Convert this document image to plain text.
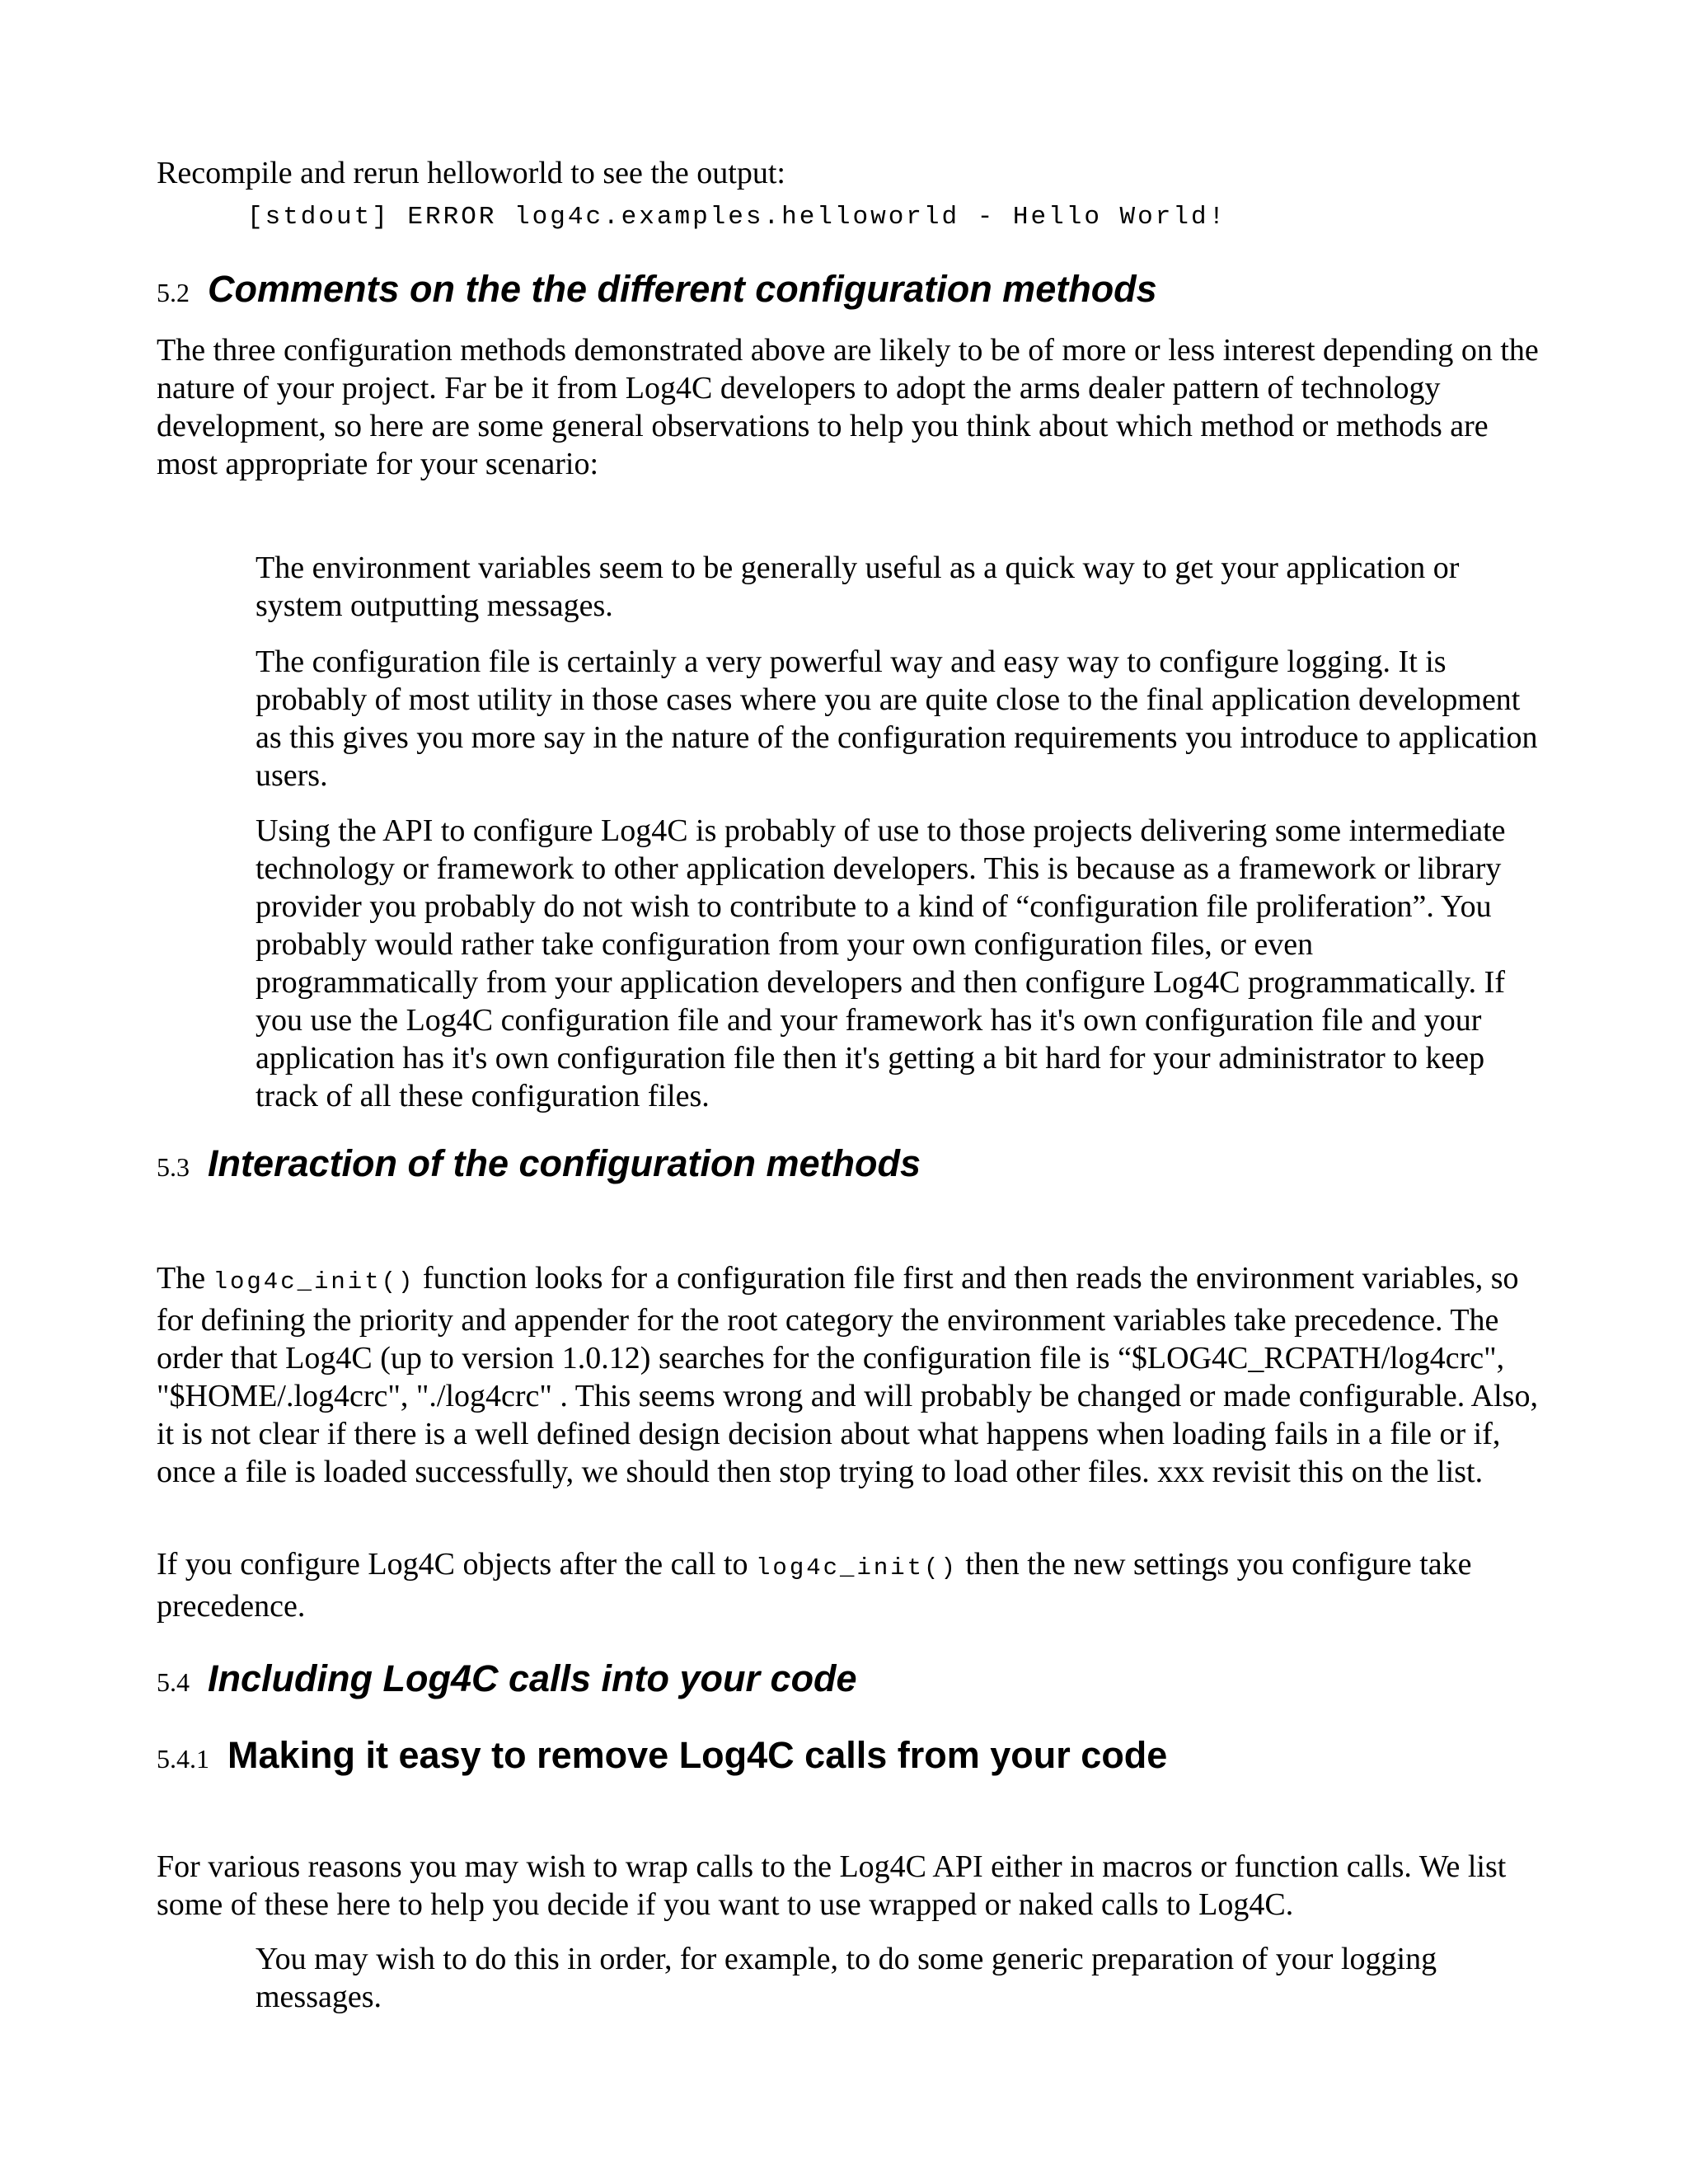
Recompile and rerun helloworld to see the output:

[stdout] ERROR log4c.examples.helloworld - Hello World!
5.2 Comments on the the different configuration methods

The three configuration methods demonstrated above are likely to be of more or less interest depending on the nature of your project. Far be it from Log4C developers to adopt the arms dealer pattern of technology development, so here are some general observations to help you think about which method or methods are most appropriate for your scenario:

The environment variables seem to be generally useful as a quick way to get your application or system outputting messages.

The configuration file is certainly a very powerful way and easy way to configure logging. It is probably of most utility in those cases where you are quite close to the final application development as this gives you more say in the nature of the configuration requirements you introduce to application users.

Using the API to configure Log4C is probably of use to those projects delivering some intermediate technology or framework to other application developers. This is because as a framework or library provider you probably do not wish to contribute to a kind of “configuration file proliferation”. You probably would rather take configuration from your own configuration files, or even programmatically from your application developers and then configure Log4C programmatically. If you use the Log4C configuration file and your framework has it's own configuration file and your application has it's own configuration file then it's getting a bit hard for your administrator to keep track of all these configuration files.

5.3 Interaction of the configuration methods

The log4c_init() function looks for a configuration file first and then reads the environment variables, so for defining the priority and appender for the root category the environment variables take precedence. The order that Log4C (up to version 1.0.12) searches for the configuration file is “$LOG4C_RCPATH/log4crc", "$HOME/.log4crc", "./log4crc" . This seems wrong and will probably be changed or made configurable. Also, it is not clear if there is a well defined design decision about what happens when loading fails in a file or if, once a file is loaded successfully, we should then stop trying to load other files. xxx revisit this on the list.

If you configure Log4C objects after the call to log4c_init() then the new settings you configure take precedence.

5.4 Including Log4C calls into your code
5.4.1 Making it easy to remove Log4C calls from your code

For various reasons you may wish to wrap calls to the Log4C API either in macros or function calls. We list some of these here to help you decide if you want to use wrapped or naked calls to Log4C.

You may wish to do this in order, for example, to do some generic preparation of your logging messages.
